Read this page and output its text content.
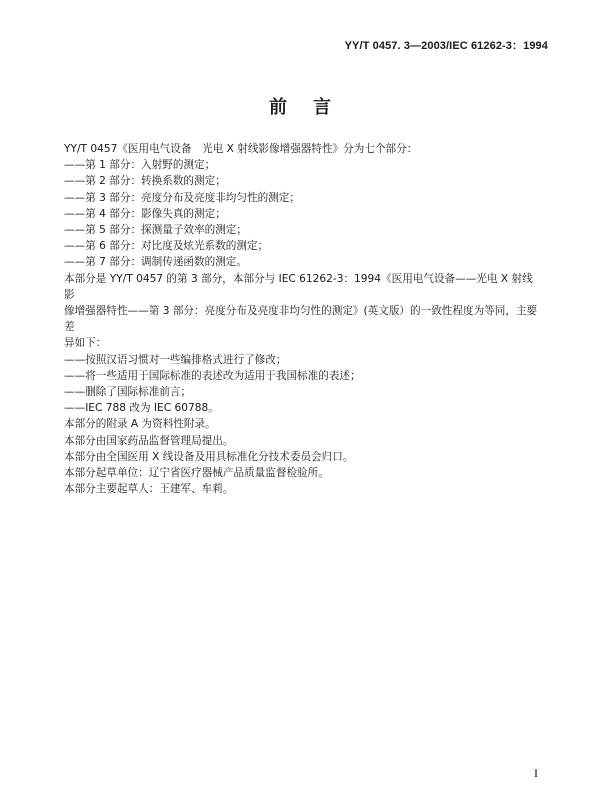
YY/T 0457. 3—2003/IEC 61262-3：1994
前言

YY/T 0457《医用电气设备　光电 X 射线影像增强器特性》分为七个部分：

——第 1 部分：入射野的测定；

——第 2 部分：转换系数的测定；

——第 3 部分：亮度分布及亮度非均匀性的测定；

——第 4 部分：影像失真的测定；

——第 5 部分：探测量子效率的测定；

——第 6 部分：对比度及炫光系数的测定；

——第 7 部分：调制传递函数的测定。

本部分是 YY/T 0457 的第 3 部分，本部分与 IEC 61262-3：1994《医用电气设备——光电 X 射线影

像增强器特性——第 3 部分：亮度分布及亮度非均匀性的测定》(英文版）的一致性程度为等同，主要差

异如下：

——按照汉语习惯对一些编排格式进行了修改；

——将一些适用于国际标准的表述改为适用于我国标准的表述；

——删除了国际标准前言；

——IEC 788 改为 IEC 60788。

本部分的附录 A 为资料性附录。

本部分由国家药品监督管理局提出。

本部分由全国医用 X 线设备及用具标准化分技术委员会归口。

本部分起草单位：辽宁省医疗器械产品质量监督检验所。

本部分主要起草人：王建军、牟莉。

I
